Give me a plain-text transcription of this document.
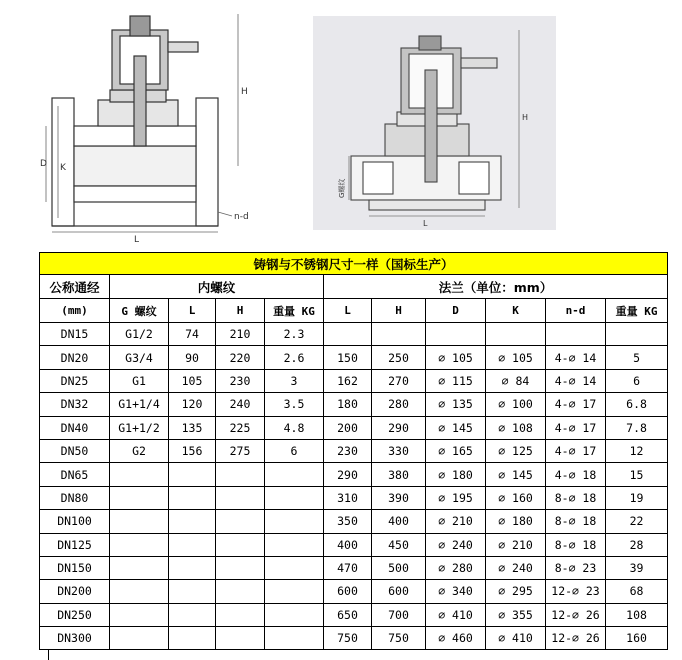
H
D K
L
n-d
H
L
G螺纹
铸钢与不锈钢尺寸一样（国标生产）										
公称通经	内螺纹				法兰（单位：mm）					
(mm)	G 螺纹	L	H	重量 KG	L	H	D	K	n-d	重量 KG
DN15	G1/2	74	210	2.3						
DN20	G3/4	90	220	2.6	150	250	⌀ 105	⌀ 105	4-⌀ 14	5
DN25	G1	105	230	3	162	270	⌀ 115	⌀ 84	4-⌀ 14	6
DN32	G1+1/4	120	240	3.5	180	280	⌀ 135	⌀ 100	4-⌀ 17	6.8
DN40	G1+1/2	135	225	4.8	200	290	⌀ 145	⌀ 108	4-⌀ 17	7.8
DN50	G2	156	275	6	230	330	⌀ 165	⌀ 125	4-⌀ 17	12
DN65					290	380	⌀ 180	⌀ 145	4-⌀ 18	15
DN80					310	390	⌀ 195	⌀ 160	8-⌀ 18	19
DN100					350	400	⌀ 210	⌀ 180	8-⌀ 18	22
DN125					400	450	⌀ 240	⌀ 210	8-⌀ 18	28
DN150					470	500	⌀ 280	⌀ 240	8-⌀ 23	39
DN200					600	600	⌀ 340	⌀ 295	12-⌀ 23	68
DN250					650	700	⌀ 410	⌀ 355	12-⌀ 26	108
DN300					750	750	⌀ 460	⌀ 410	12-⌀ 26	160
